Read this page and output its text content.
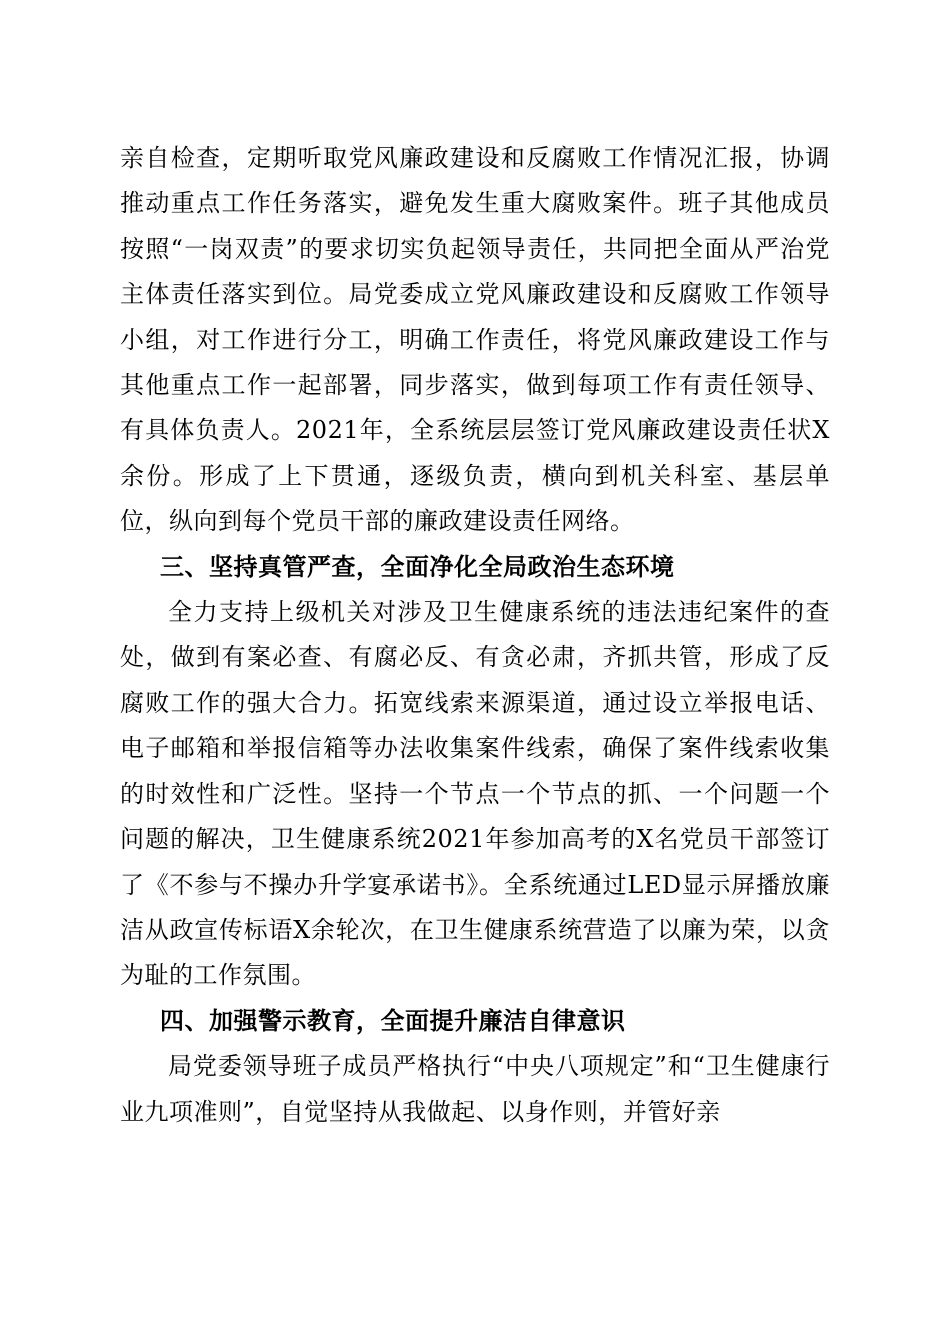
亲自检查，定期听取党风廉政建设和反腐败工作情况汇报，协调推动重点工作任务落实，避免发生重大腐败案件。班子其他成员按照“一岗双责”的要求切实负起领导责任，共同把全面从严治党主体责任落实到位。局党委成立党风廉政建设和反腐败工作领导小组，对工作进行分工，明确工作责任，将党风廉政建设工作与其他重点工作一起部署，同步落实，做到每项工作有责任领导、有具体负责人。2021年，全系统层层签订党风廉政建设责任状X余份。形成了上下贯通，逐级负责，横向到机关科室、基层单位，纵向到每个党员干部的廉政建设责任网络。

三、坚持真管严查，全面净化全局政治生态环境

全力支持上级机关对涉及卫生健康系统的违法违纪案件的查处，做到有案必查、有腐必反、有贪必肃，齐抓共管，形成了反腐败工作的强大合力。拓宽线索来源渠道，通过设立举报电话、电子邮箱和举报信箱等办法收集案件线索，确保了案件线索收集的时效性和广泛性。坚持一个节点一个节点的抓、一个问题一个问题的解决，卫生健康系统2021年参加高考的X名党员干部签订了《不参与不操办升学宴承诺书》。全系统通过LED显示屏播放廉洁从政宣传标语X余轮次，在卫生健康系统营造了以廉为荣，以贪为耻的工作氛围。

四、加强警示教育，全面提升廉洁自律意识

局党委领导班子成员严格执行“中央八项规定”和“卫生健康行业九项准则”，自觉坚持从我做起、以身作则，并管好亲
